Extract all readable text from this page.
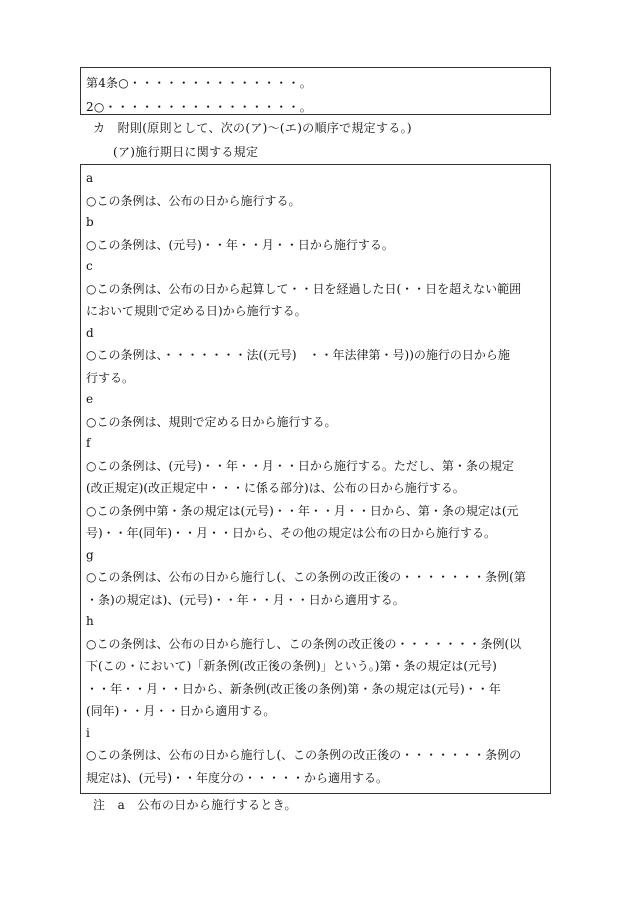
第4条○・・・・・・・・・・・・・・。
2○・・・・・・・・・・・・・・・・。
カ　附則(原則として、次の(ア)～(エ)の順序で規定する。)
(ア)施行期日に関する規定
a
○この条例は、公布の日から施行する。
b
○この条例は、(元号)・・年・・月・・日から施行する。
c
○この条例は、公布の日から起算して・・日を経過した日(・・日を超えない範囲
において規則で定める日)から施行する。
d
○この条例は、・・・・・・・法((元号)　・・年法律第・号))の施行の日から施
行する。
e
○この条例は、規則で定める日から施行する。
f
○この条例は、(元号)・・年・・月・・日から施行する。ただし、第・条の規定
(改正規定)(改正規定中・・・に係る部分)は、公布の日から施行する。
○この条例中第・条の規定は(元号)・・年・・月・・日から、第・条の規定は(元
号)・・年(同年)・・月・・日から、その他の規定は公布の日から施行する。
g
○この条例は、公布の日から施行し(、この条例の改正後の・・・・・・・条例(第
・条)の規定は)、(元号)・・年・・月・・日から適用する。
h
○この条例は、公布の日から施行し、この条例の改正後の・・・・・・・条例(以
下(この・において)「新条例(改正後の条例)」という。)第・条の規定は(元号)
・・年・・月・・日から、新条例(改正後の条例)第・条の規定は(元号)・・年
(同年)・・月・・日から適用する。
i
○この条例は、公布の日から施行し(、この条例の改正後の・・・・・・・条例の
規定は)、(元号)・・年度分の・・・・・から適用する。
注　a　公布の日から施行するとき。
